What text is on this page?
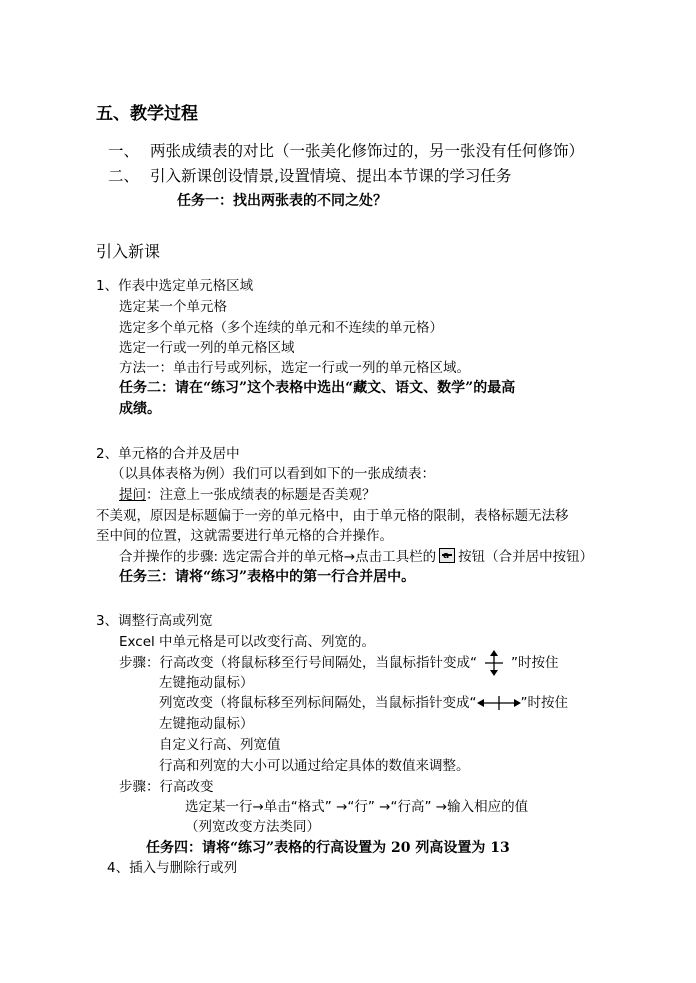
五、教学过程
一、 两张成绩表的对比（一张美化修饰过的，另一张没有任何修饰）
二、 引入新课创设情景,设置情境、提出本节课的学习任务
任务一：找出两张表的不同之处？
引入新课
1、作表中选定单元格区域
选定某一个单元格
选定多个单元格（多个连续的单元和不连续的单元格）
选定一行或一列的单元格区域
方法一：单击行号或列标，选定一行或一列的单元格区域。
任务二：请在“练习”这个表格中选出“藏文、语文、数学”的最高
成绩。
2、单元格的合并及居中
（以具体表格为例）我们可以看到如下的一张成绩表：
提问：注意上一张成绩表的标题是否美观？
不美观，原因是标题偏于一旁的单元格中，由于单元格的限制，表格标题无法移
至中间的位置，这就需要进行单元格的合并操作。
合并操作的步骤: 选定需合并的单元格→点击工具栏的a 按钮（合并居中按钮）
任务三：请将“练习”表格中的第一行合并居中。
3、调整行高或列宽
Excel 中单元格是可以改变行高、列宽的。
步骤：行高改变（将鼠标移至行号间隔处，当鼠标指针变成“	”时按住
左键拖动鼠标）
列宽改变（将鼠标移至列标间隔处，当鼠标指针变成“	”时按住
左键拖动鼠标）
自定义行高、列宽值
行高和列宽的大小可以通过给定具体的数值来调整。
步骤：行高改变
选定某一行→单击“格式” →“行” →“行高” →输入相应的值
（列宽改变方法类同）
任务四：请将“练习”表格的行高设置为 20 列高设置为 13
4、插入与删除行或列
